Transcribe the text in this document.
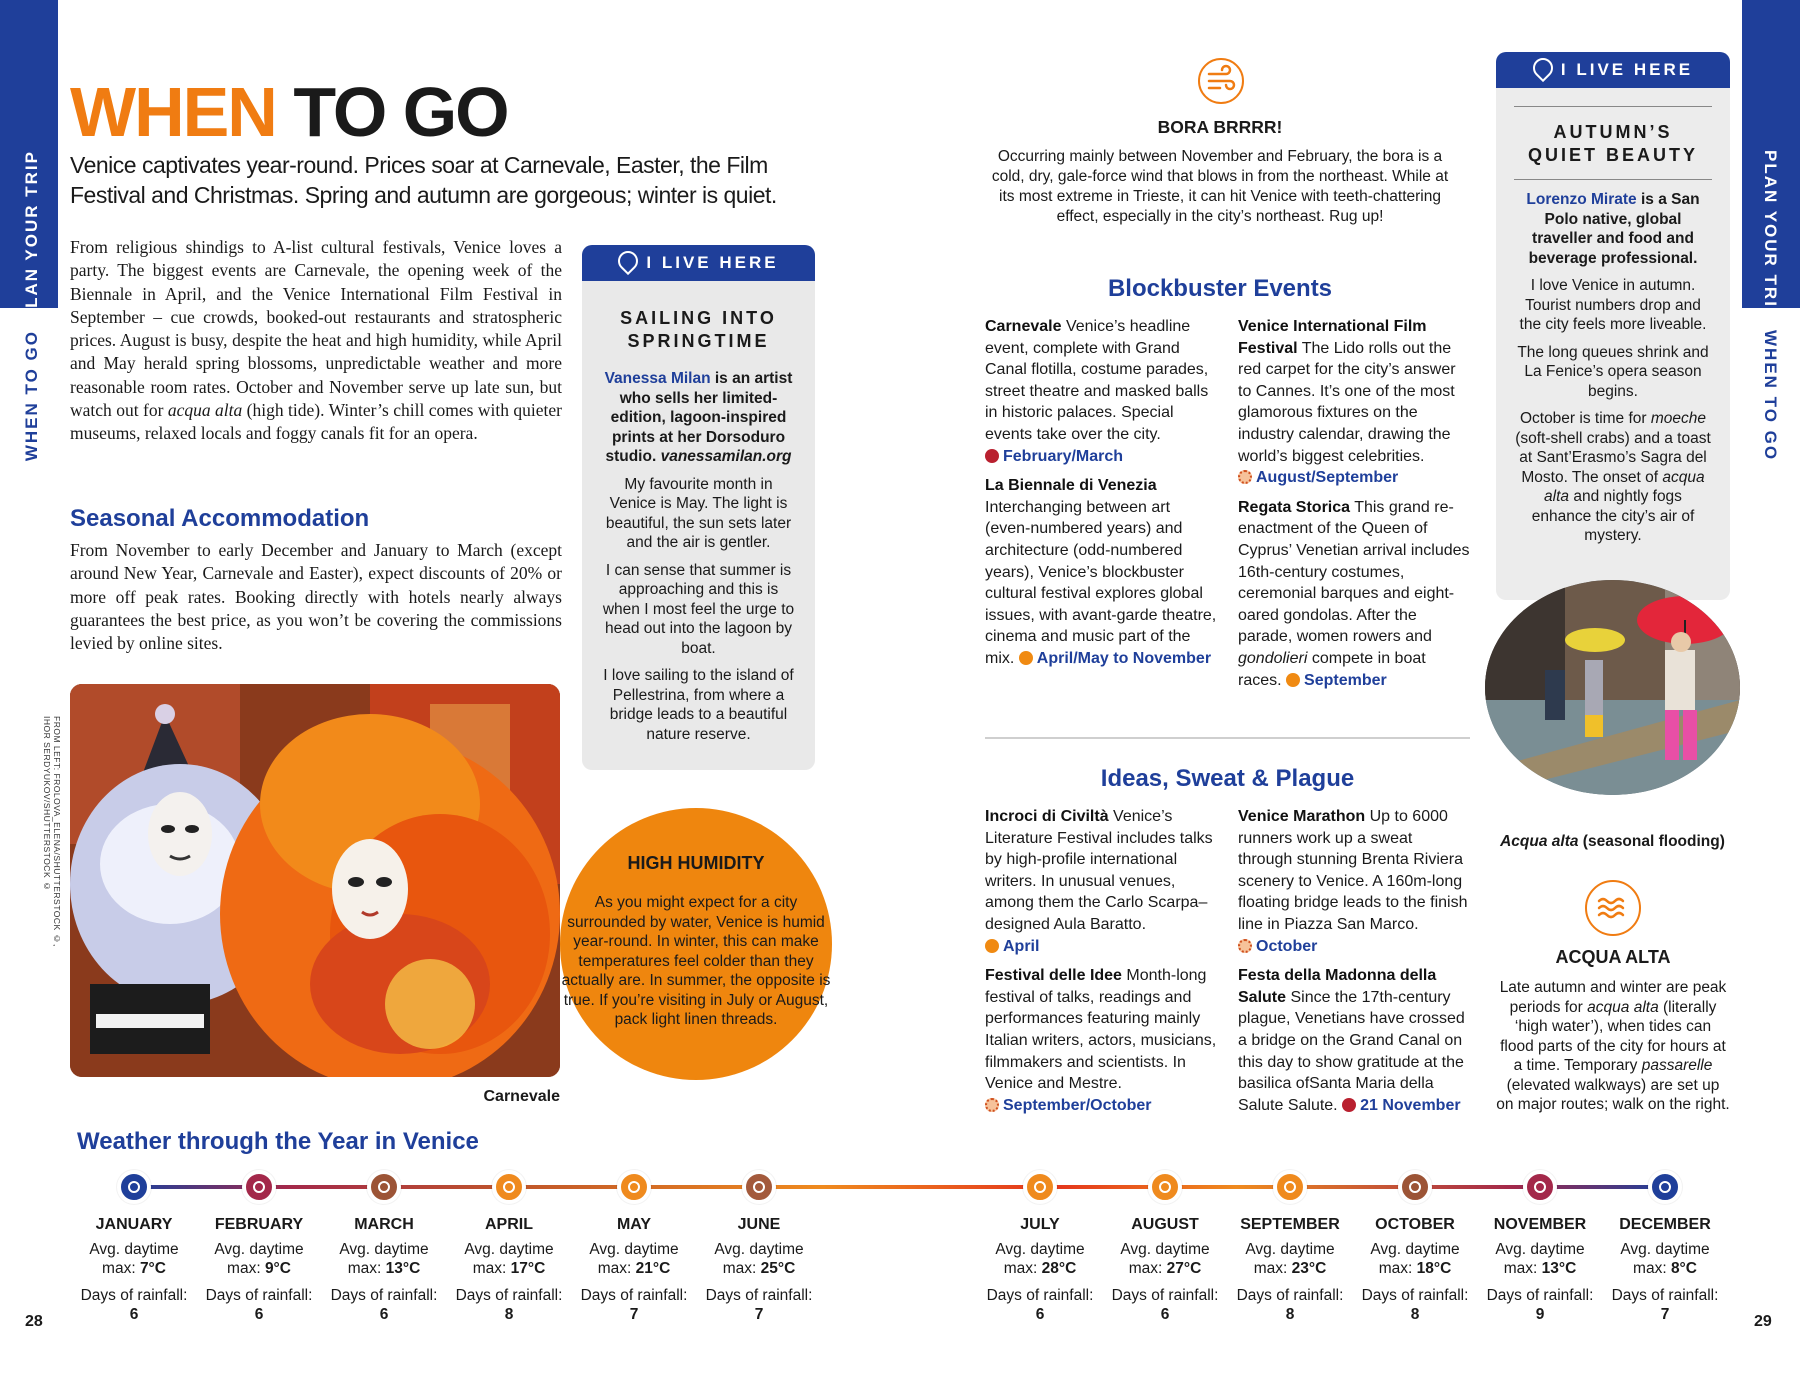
PLAN YOUR TRIP
WHEN TO GO
PLAN YOUR TRIP
WHEN TO GO
WHEN TO GO
Venice captivates year-round. Prices soar at Carnevale, Easter, the Film Festival and Christmas. Spring and autumn are gorgeous; winter is quiet.
From religious shindigs to A-list cultural festivals, Venice loves a party. The biggest events are Carnevale, the opening week of the Biennale in April, and the Venice International Film Festival in September – cue crowds, booked-out restaurants and stratospheric prices. August is busy, despite the heat and high humidity, while April and May herald spring blossoms, unpredictable weather and more reasonable room rates. October and November serve up late sun, but watch out for acqua alta (high tide). Winter’s chill comes with quieter museums, relaxed locals and foggy canals fit for an opera.
Seasonal Accommodation
From November to early December and January to March (except around New Year, Carnevale and Easter), expect discounts of 20% or more off peak rates. Booking directly with hotels nearly always guarantees the best price, as you won’t be covering the commissions levied by online sites.
FROM LEFT: FROLOVA_ELENA/SHUTTERSTOCK ©, IHOR SERDYUKOV/SHUTTERSTOCK ©
Carnevale
I LIVE HERE
SAILING INTO
SPRINGTIME
Vanessa Milan is an artist who sells her limited-edition, lagoon-inspired prints at her Dorsoduro studio. vanessamilan.org
My favourite month in Venice is May. The light is beautiful, the sun sets later and the air is gentler.
I can sense that summer is approaching and this is when I most feel the urge to head out into the lagoon by boat.
I love sailing to the island of Pellestrina, from where a bridge leads to a beautiful nature reserve.
HIGH HUMIDITY
As you might expect for a city surrounded by water, Venice is humid year-round. In winter, this can make temperatures feel colder than they actually are. In summer, the opposite is true. If you’re visiting in July or August, pack light linen threads.
BORA BRRRR!
Occurring mainly between November and February, the bora is a cold, dry, gale-force wind that blows in from the northeast. While at its most extreme in Trieste, it can hit Venice with teeth-chattering effect, especially in the city’s northeast. Rug up!
Blockbuster Events

Carnevale Venice’s headline event, complete with Grand Canal flotilla, costume parades, street theatre and masked balls in historic palaces. Special events take over the city.
February/March

La Biennale di Venezia Interchanging between art (even-numbered years) and architecture (odd-numbered years), Venice’s blockbuster cultural festival explores global issues, with avant-garde theatre, cinema and music part of the mix. April/May to November

Venice International Film Festival The Lido rolls out the red carpet for the city’s answer to Cannes. It’s one of the most glamorous fixtures on the industry calendar, drawing the world’s biggest celebrities.
August/September

Regata Storica This grand re-enactment of the Queen of Cyprus’ Venetian arrival includes 16th-century costumes, ceremonial barques and eight-oared gondolas. After the parade, women rowers and gondolieri compete in boat races. September

Ideas, Sweat & Plague

Incroci di Civiltà Venice’s Literature Festival includes talks by high-profile international writers. In unusual venues, among them the Carlo Scarpa–designed Aula Baratto.
April

Festival delle Idee Month-long festival of talks, readings and performances featuring mainly Italian writers, actors, musicians, filmmakers and scientists. In Venice and Mestre.
September/October

Venice Marathon Up to 6000 runners work up a sweat through stunning Brenta Riviera scenery to Venice. A 160m-long floating bridge leads to the finish line in Piazza San Marco.
October

Festa della Madonna della Salute Since the 17th-century plague, Venetians have crossed a bridge on the Grand Canal on this day to show gratitude at the basilica ofSanta Maria della Salute Salute. 21 November

I LIVE HERE
AUTUMN’S
QUIET BEAUTY
Lorenzo Mirate is a San Polo native, global traveller and food and beverage professional.
I love Venice in autumn. Tourist numbers drop and the city feels more liveable.
The long queues shrink and La Fenice’s opera season begins.
October is time for moeche (soft-shell crabs) and a toast at Sant’Erasmo’s Sagra del Mosto. The onset of acqua alta and nightly fogs enhance the city’s air of mystery.
Acqua alta (seasonal flooding)
ACQUA ALTA
Late autumn and winter are peak periods for acqua alta (literally ‘high water’), when tides can flood parts of the city for hours at a time. Temporary passarelle (elevated walkways) are set up on major routes; walk on the right.
Weather through the Year in Venice
JANUARY
Avg. daytime
max: 7°C
Days of rainfall:
6
FEBRUARY
Avg. daytime
max: 9°C
Days of rainfall:
6
MARCH
Avg. daytime
max: 13°C
Days of rainfall:
6
APRIL
Avg. daytime
max: 17°C
Days of rainfall:
8
MAY
Avg. daytime
max: 21°C
Days of rainfall:
7
JUNE
Avg. daytime
max: 25°C
Days of rainfall:
7
JULY
Avg. daytime
max: 28°C
Days of rainfall:
6
AUGUST
Avg. daytime
max: 27°C
Days of rainfall:
6
SEPTEMBER
Avg. daytime
max: 23°C
Days of rainfall:
8
OCTOBER
Avg. daytime
max: 18°C
Days of rainfall:
8
NOVEMBER
Avg. daytime
max: 13°C
Days of rainfall:
9
DECEMBER
Avg. daytime
max: 8°C
Days of rainfall:
7
28	29
